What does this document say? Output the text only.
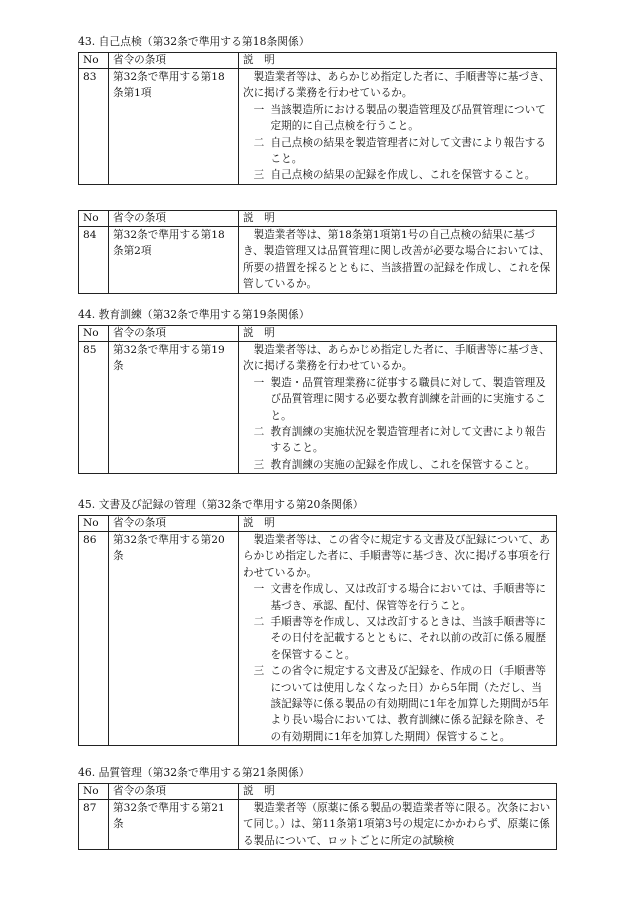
43. 自己点検（第32条で準用する第18条関係）
No	省令の条項	説　明
83	第32条で準用する第18条第1項	製造業者等は、あらかじめ指定した者に、手順書等に基づき、次に掲げる業務を行わせているか。

一 当該製造所における製品の製造管理及び品質管理について定期的に自己点検を行うこと。

二 自己点検の結果を製造管理者に対して文書により報告すること。

三 自己点検の結果の記録を作成し、これを保管すること。

No	省令の条項	説　明
84	第32条で準用する第18条第2項	製造業者等は、第18条第1項第1号の自己点検の結果に基づき、製造管理又は品質管理に関し改善が必要な場合においては、所要の措置を採るとともに、当該措置の記録を作成し、これを保管しているか。

44. 教育訓練（第32条で準用する第19条関係）
No	省令の条項	説　明
85	第32条で準用する第19条	製造業者等は、あらかじめ指定した者に、手順書等に基づき、次に掲げる業務を行わせているか。

一 製造・品質管理業務に従事する職員に対して、製造管理及び品質管理に関する必要な教育訓練を計画的に実施すること。

二 教育訓練の実施状況を製造管理者に対して文書により報告すること。

三 教育訓練の実施の記録を作成し、これを保管すること。

45. 文書及び記録の管理（第32条で準用する第20条関係）
No	省令の条項	説　明
86	第32条で準用する第20条	製造業者等は、この省令に規定する文書及び記録について、あらかじめ指定した者に、手順書等に基づき、次に掲げる事項を行わせているか。

一 文書を作成し、又は改訂する場合においては、手順書等に基づき、承認、配付、保管等を行うこと。

二 手順書等を作成し、又は改訂するときは、当該手順書等にその日付を記載するとともに、それ以前の改訂に係る履歴を保管すること。

三 この省令に規定する文書及び記録を、作成の日（手順書等については使用しなくなった日）から5年間（ただし、当該記録等に係る製品の有効期間に1年を加算した期間が5年より長い場合においては、教育訓練に係る記録を除き、その有効期間に1年を加算した期間）保管すること。

46. 品質管理（第32条で準用する第21条関係）
No	省令の条項	説　明
87	第32条で準用する第21条	製造業者等（原薬に係る製品の製造業者等に限る。次条において同じ。）は、第11条第1項第3号の規定にかかわらず、原薬に係る製品について、ロットごとに所定の試験検
